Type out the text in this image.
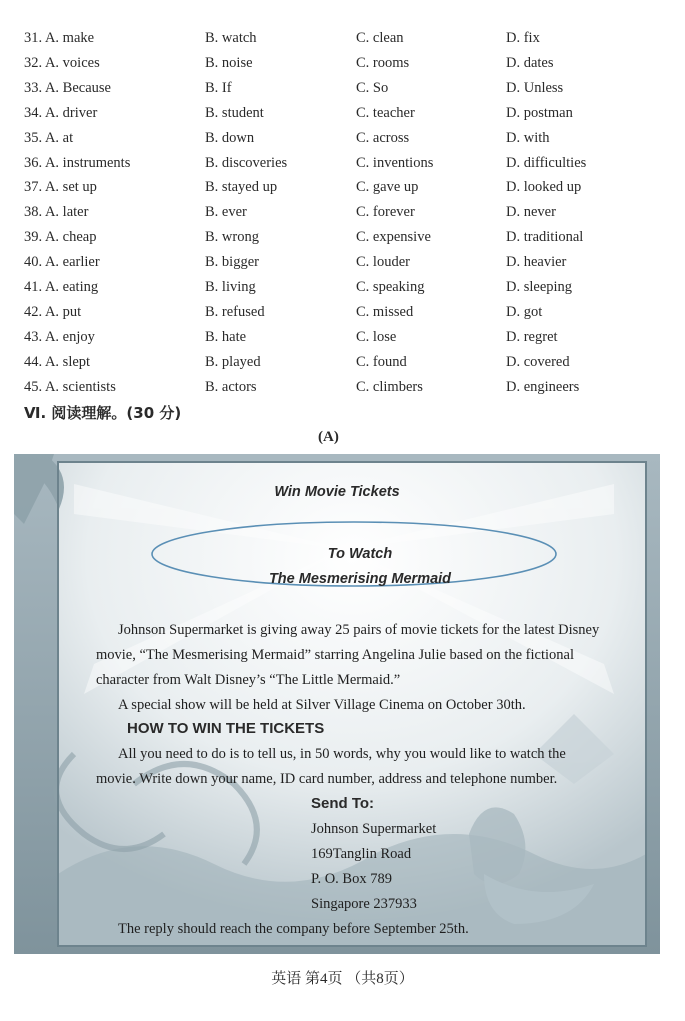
31. A. make	B. watch	C. clean	D. fix
32. A. voices	B. noise	C. rooms	D. dates
33. A. Because	B. If	C. So	D. Unless
34. A. driver	B. student	C. teacher	D. postman
35. A. at	B. down	C. across	D. with
36. A. instruments	B. discoveries	C. inventions	D. difficulties
37. A. set up	B. stayed up	C. gave up	D. looked up
38. A. later	B. ever	C. forever	D. never
39. A. cheap	B. wrong	C. expensive	D. traditional
40. A. earlier	B. bigger	C. louder	D. heavier
41. A. eating	B. living	C. speaking	D. sleeping
42. A. put	B. refused	C. missed	D. got
43. A. enjoy	B. hate	C. lose	D. regret
44. A. slept	B. played	C. found	D. covered
45. A. scientists	B. actors	C. climbers	D. engineers
Ⅵ. 阅读理解。(30 分)
(A)
Win Movie Tickets
To Watch
The Mesmerising Mermaid
Johnson Supermarket is giving away 25 pairs of movie tickets for the latest Disney
movie, “The Mesmerising Mermaid” starring Angelina Julie based on the fictional
character from Walt Disney’s “The Little Mermaid.”
A special show will be held at Silver Village Cinema on October 30th.
HOW TO WIN THE TICKETS
All you need to do is to tell us, in 50 words, why you would like to watch the
movie. Write down your name, ID card number, address and telephone number.
Send To:
Johnson Supermarket
169Tanglin Road
P. O. Box 789
Singapore 237933
The reply should reach the company before September 25th.
英语 第4页 （共8页）
